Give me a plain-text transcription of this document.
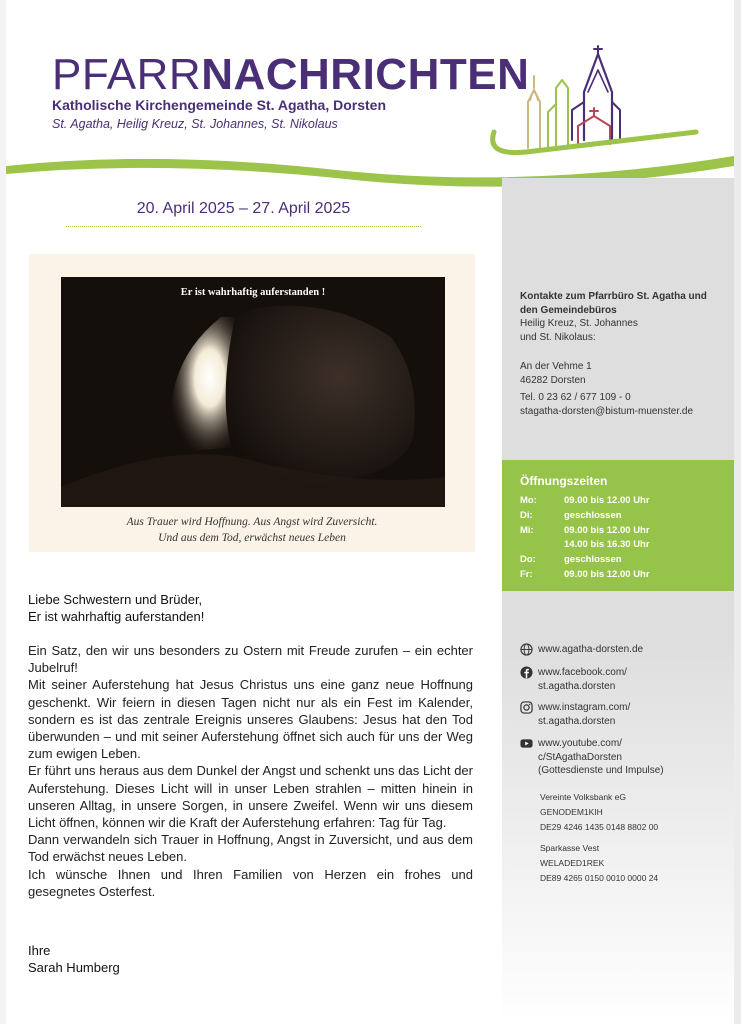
PFARRNACHRICHTEN
Katholische Kirchengemeinde St. Agatha, Dorsten
St. Agatha, Heilig Kreuz, St. Johannes, St. Nikolaus
20. April 2025 – 27. April 2025
Er ist wahrhaftig auferstanden !
Aus Trauer wird Hoffnung. Aus Angst wird Zuversicht.
Und aus dem Tod, erwächst neues Leben
Liebe Schwestern und Brüder,
Er ist wahrhaftig auferstanden!

Ein Satz, den wir uns besonders zu Ostern mit Freude zurufen – ein echter Jubelruf!

Mit seiner Auferstehung hat Jesus Christus uns eine ganz neue Hoffnung geschenkt. Wir feiern in diesen Tagen nicht nur als ein Fest im Kalender, sondern es ist das zentrale Ereignis unseres Glaubens: Jesus hat den Tod überwunden – und mit seiner Auferstehung öffnet sich auch für uns der Weg zum ewigen Leben.

Er führt uns heraus aus dem Dunkel der Angst und schenkt uns das Licht der Auferstehung. Dieses Licht will in unser Leben strahlen – mitten hinein in unseren Alltag, in unsere Sorgen, in unsere Zweifel. Wenn wir uns diesem Licht öffnen, können wir die Kraft der Auferstehung erfahren: Tag für Tag.

Dann verwandeln sich Trauer in Hoffnung, Angst in Zuversicht, und aus dem Tod erwächst neues Leben.

Ich wünsche Ihnen und Ihren Familien von Herzen ein frohes und gesegnetes Osterfest.

Ihre
Sarah Humberg
Kontakte zum Pfarrbüro St. Agatha und
den Gemeindebüros
Heilig Kreuz, St. Johannes
und St. Nikolaus:
An der Vehme 1
46282 Dorsten
Tel. 0 23 62 / 677 109 - 0
stagatha-dorsten@bistum-muenster.de
Öffnungszeiten
Mo:	09.00 bis 12.00 Uhr
Di:	geschlossen
Mi:	09.00 bis 12.00 Uhr
14.00 bis 16.30 Uhr
Do:	geschlossen
Fr:	09.00 bis 12.00 Uhr
www.agatha-dorsten.de
www.facebook.com/
st.agatha.dorsten
www.instagram.com/
st.agatha.dorsten
www.youtube.com/
c/StAgathaDorsten
(Gottesdienste und Impulse)
Vereinte Volksbank eG
GENODEM1KIH
DE29 4246 1435 0148 8802 00
Sparkasse Vest
WELADED1REK
DE89 4265 0150 0010 0000 24
